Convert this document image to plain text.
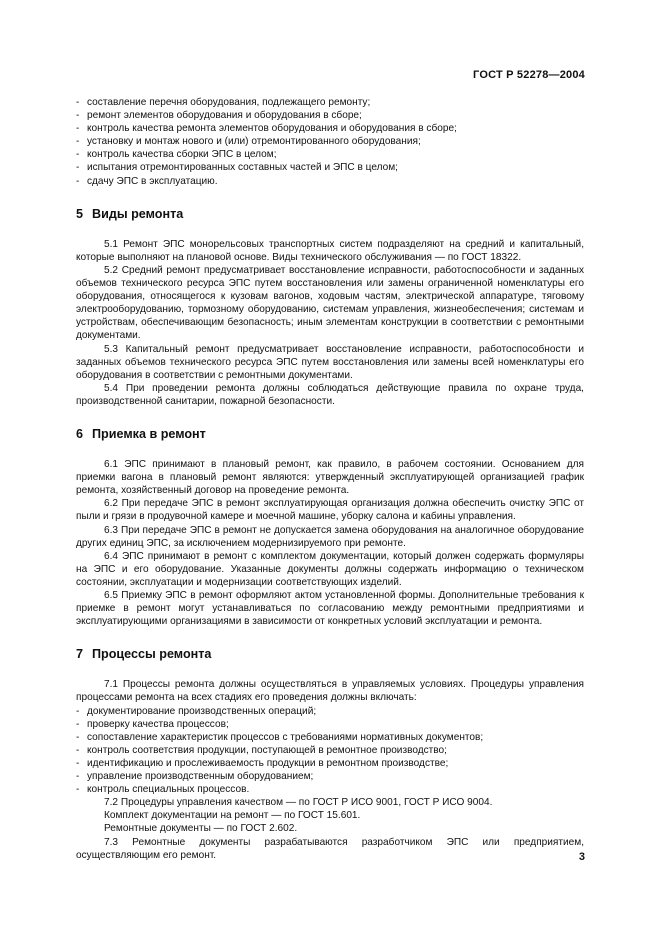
ГОСТ Р 52278—2004
- составление перечня оборудования, подлежащего ремонту;
- ремонт элементов оборудования и оборудования в сборе;
- контроль качества ремонта элементов оборудования и оборудования в сборе;
- установку и монтаж нового и (или) отремонтированного оборудования;
- контроль качества сборки ЭПС в целом;
- испытания отремонтированных составных частей и ЭПС в целом;
- сдачу ЭПС в эксплуатацию.
5 Виды ремонта

5.1 Ремонт ЭПС монорельсовых транспортных систем подразделяют на средний и капитальный, которые выполняют на плановой основе. Виды технического обслуживания — по ГОСТ 18322.

5.2 Средний ремонт предусматривает восстановление исправности, работоспособности и заданных объемов технического ресурса ЭПС путем восстановления или замены ограниченной номенклатуры его оборудования, относящегося к кузовам вагонов, ходовым частям, электрической аппаратуре, тяговому электрооборудованию, тормозному оборудованию, системам управления, жизнеобеспечения; системам и устройствам, обеспечивающим безопасность; иным элементам конструкции в соответствии с ремонтными документами.

5.3 Капитальный ремонт предусматривает восстановление исправности, работоспособности и заданных объемов технического ресурса ЭПС путем восстановления или замены всей номенклатуры его оборудования в соответствии с ремонтными документами.

5.4 При проведении ремонта должны соблюдаться действующие правила по охране труда, производственной санитарии, пожарной безопасности.

6 Приемка в ремонт

6.1 ЭПС принимают в плановый ремонт, как правило, в рабочем состоянии. Основанием для приемки вагона в плановый ремонт являются: утвержденный эксплуатирующей организацией график ремонта, хозяйственный договор на проведение ремонта.

6.2 При передаче ЭПС в ремонт эксплуатирующая организация должна обеспечить очистку ЭПС от пыли и грязи в продувочной камере и моечной машине, уборку салона и кабины управления.

6.3 При передаче ЭПС в ремонт не допускается замена оборудования на аналогичное оборудование других единиц ЭПС, за исключением модернизируемого при ремонте.

6.4 ЭПС принимают в ремонт с комплектом документации, который должен содержать формуляры на ЭПС и его оборудование. Указанные документы должны содержать информацию о техническом состоянии, эксплуатации и модернизации соответствующих изделий.

6.5 Приемку ЭПС в ремонт оформляют актом установленной формы. Дополнительные требования к приемке в ремонт могут устанавливаться по согласованию между ремонтными предприятиями и эксплуатирующими организациями в зависимости от конкретных условий эксплуатации и ремонта.

7 Процессы ремонта

7.1 Процессы ремонта должны осуществляться в управляемых условиях. Процедуры управления процессами ремонта на всех стадиях его проведения должны включать:

- документирование производственных операций;
- проверку качества процессов;
- сопоставление характеристик процессов с требованиями нормативных документов;
- контроль соответствия продукции, поступающей в ремонтное производство;
- идентификацию и прослеживаемость продукции в ремонтном производстве;
- управление производственным оборудованием;
- контроль специальных процессов.

7.2 Процедуры управления качеством — по ГОСТ Р ИСО 9001, ГОСТ Р ИСО 9004.

Комплект документации на ремонт — по ГОСТ 15.601.

Ремонтные документы — по ГОСТ 2.602.

7.3 Ремонтные документы разрабатываются разработчиком ЭПС или предприятием, осуществляющим его ремонт.	3
